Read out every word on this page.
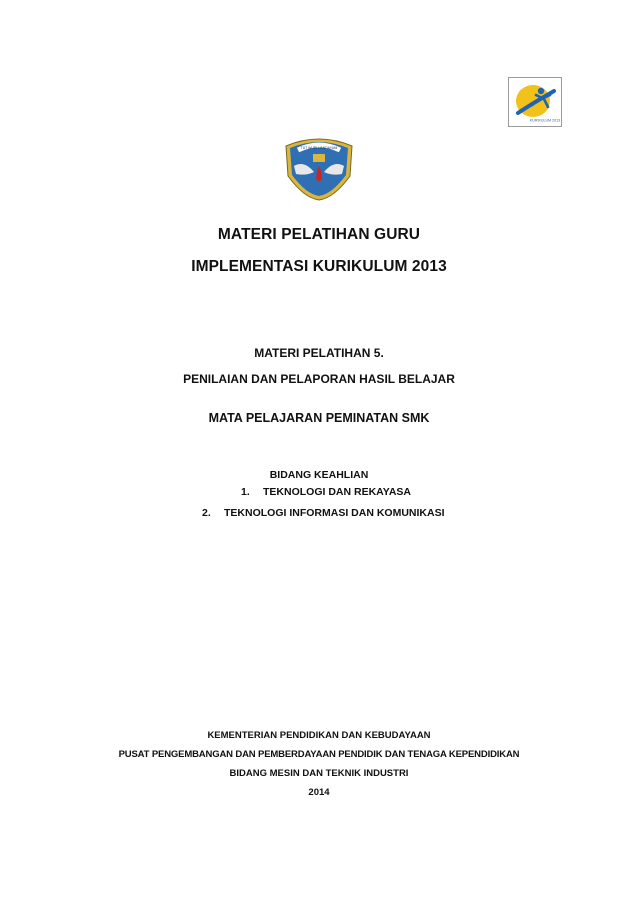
KURIKULUM 2013
TUT WURI HANDAYANI
MATERI PELATIHAN GURU
IMPLEMENTASI KURIKULUM 2013
MATERI PELATIHAN 5.
PENILAIAN DAN PELAPORAN HASIL BELAJAR
MATA PELAJARAN PEMINATAN SMK
BIDANG KEAHLIAN
1. TEKNOLOGI DAN REKAYASA
2. TEKNOLOGI INFORMASI DAN KOMUNIKASI
KEMENTERIAN PENDIDIKAN DAN KEBUDAYAAN
PUSAT PENGEMBANGAN DAN PEMBERDAYAAN PENDIDIK DAN TENAGA KEPENDIDIKAN
BIDANG MESIN DAN TEKNIK INDUSTRI
2014
